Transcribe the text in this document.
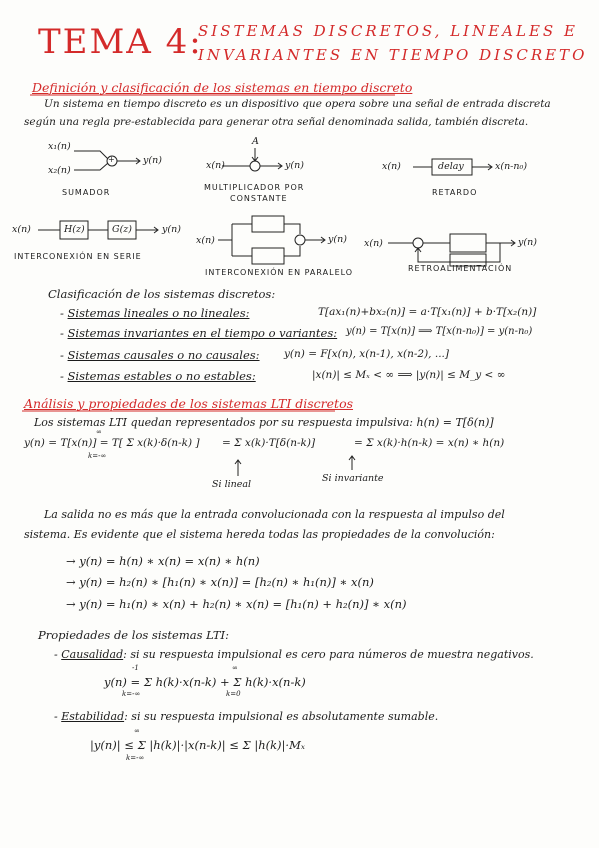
TEMA 4:
SISTEMAS DISCRETOS, LINEALES E
INVARIANTES EN TIEMPO DISCRETO
Definición y clasificación de los sistemas en tiempo discreto
Un sistema en tiempo discreto es un dispositivo que opera sobre una señal de entrada discreta
según una regla pre-establecida para generar otra señal denominada salida, también discreta.
x₁(n)
x₂(n)
+	y(n)
SUMADOR
x(n)
A
y(n)
MULTIPLICADOR POR
CONSTANTE
x(n)	delay	x(n-n₀)
RETARDO
x(n)	H(z)	G(z)	y(n)
INTERCONEXIÓN EN SERIE
x(n)	y(n)
INTERCONEXIÓN EN PARALELO
x(n)	y(n)
RETROALIMENTACIÓN
Clasificación de los sistemas discretos:
- Sistemas lineales o no lineales:	T[ax₁(n)+bx₂(n)] = a·T[x₁(n)] + b·T[x₂(n)]
- Sistemas invariantes en el tiempo o variantes: y(n) = T[x(n)] ⟹ T[x(n-n₀)] = y(n-n₀)
- Sistemas causales o no causales: y(n) = F[x(n), x(n-1), x(n-2), ...]
- Sistemas estables o no estables:	|x(n)| ≤ Mₓ < ∞ ⟹ |y(n)| ≤ M_y < ∞
Análisis y propiedades de los sistemas LTI discretos
Los sistemas LTI quedan representados por su respuesta impulsiva: h(n) = T[δ(n)]
y(n) = T[x(n)] = T[ Σ x(k)·δ(n-k) ]
∞
k=-∞
= Σ x(k)·T[δ(n-k)]	= Σ x(k)·h(n-k) = x(n) ∗ h(n)
Si lineal
Si invariante
La salida no es más que la entrada convolucionada con la respuesta al impulso del
sistema. Es evidente que el sistema hereda todas las propiedades de la convolución:
→ y(n) = h(n) ∗ x(n) = x(n) ∗ h(n)
→ y(n) = h₂(n) ∗ [h₁(n) ∗ x(n)] = [h₂(n) ∗ h₁(n)] ∗ x(n)
→ y(n) = h₁(n) ∗ x(n) + h₂(n) ∗ x(n) = [h₁(n) + h₂(n)] ∗ x(n)
Propiedades de los sistemas LTI:
- Causalidad: si su respuesta impulsional es cero para números de muestra negativos.
y(n) = Σ h(k)·x(n-k) + Σ h(k)·x(n-k)
-1
k=-∞
∞
k=0
- Estabilidad: si su respuesta impulsional es absolutamente sumable.
|y(n)| ≤ Σ |h(k)|·|x(n-k)| ≤ Σ |h(k)|·Mₓ
∞
k=-∞
